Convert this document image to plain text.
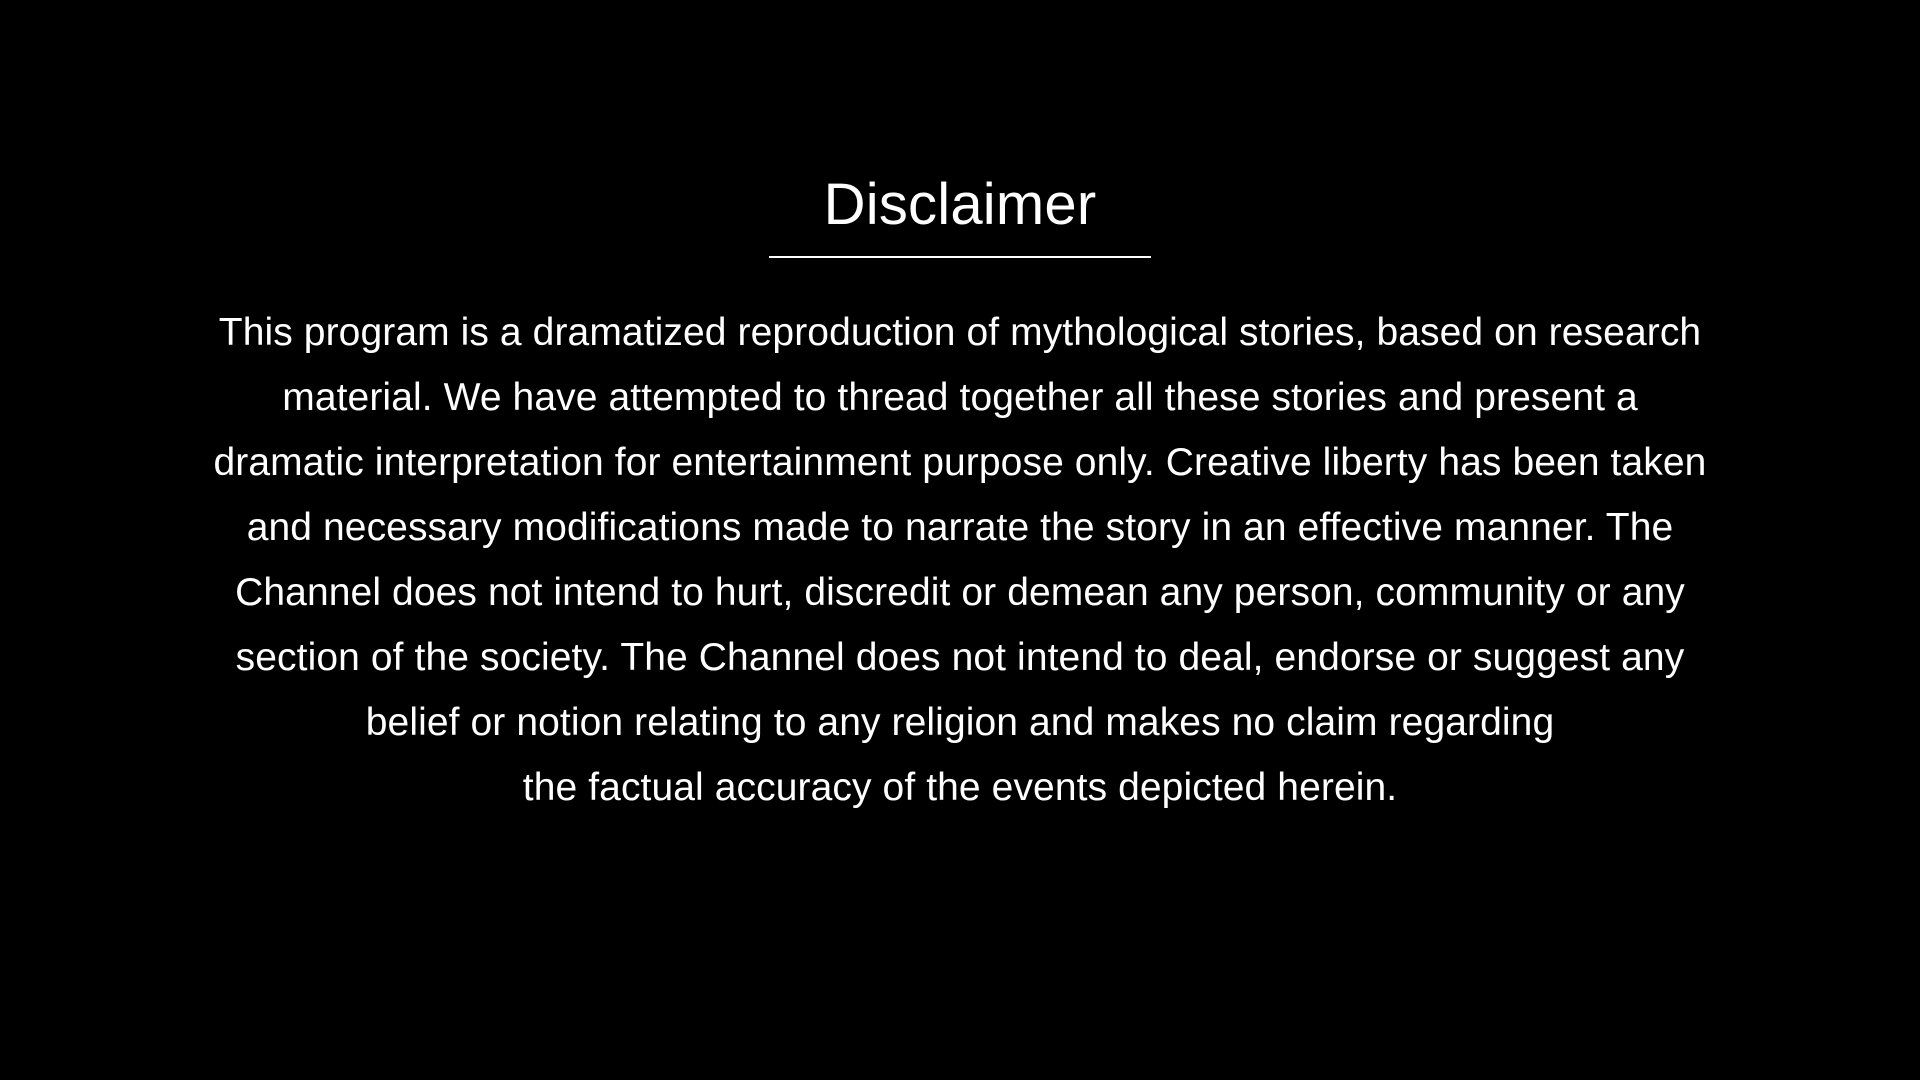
Disclaimer
This program is a dramatized reproduction of mythological stories, based on research
material. We have attempted to thread together all these stories and present a
dramatic interpretation for entertainment purpose only. Creative liberty has been taken
and necessary modifications made to narrate the story in an effective manner. The
Channel does not intend to hurt, discredit or demean any person, community or any
section of the society. The Channel does not intend to deal, endorse or suggest any
belief or notion relating to any religion and makes no claim regarding
the factual accuracy of the events depicted herein.
